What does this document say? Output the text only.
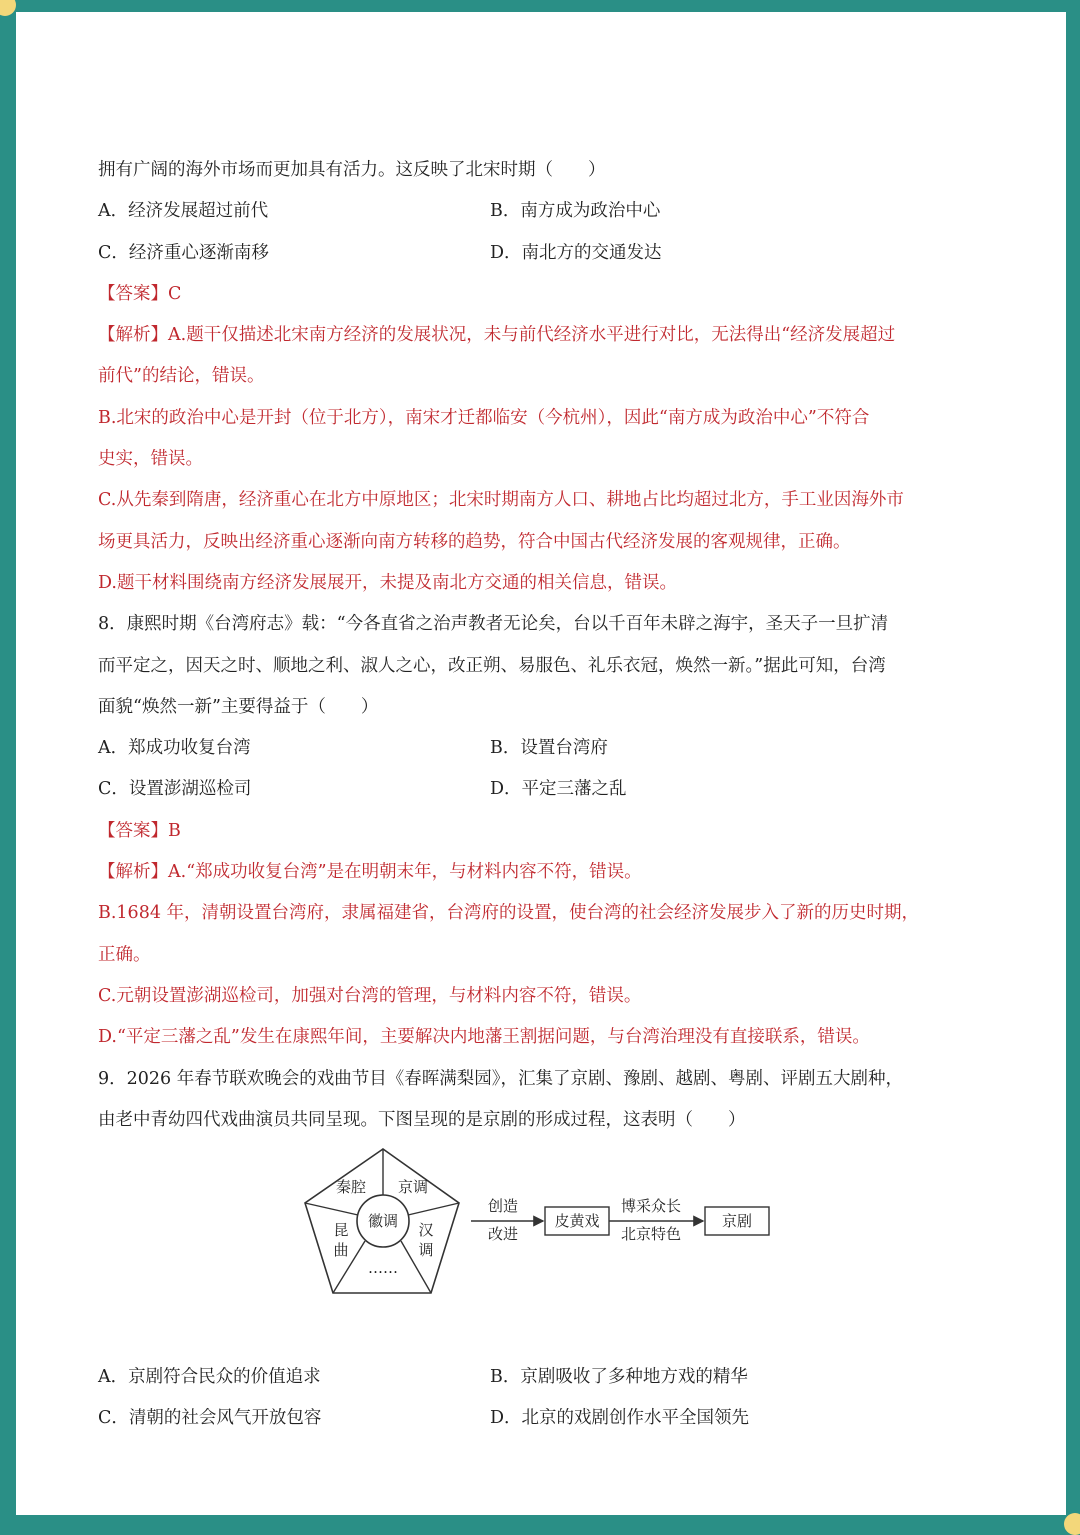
拥有广阔的海外市场而更加具有活力。这反映了北宋时期（　　）
A．经济发展超过前代	B．南方成为政治中心
C．经济重心逐渐南移	D．南北方的交通发达
【答案】C
【解析】A.题干仅描述北宋南方经济的发展状况，未与前代经济水平进行对比，无法得出“经济发展超过
前代”的结论，错误。
B.北宋的政治中心是开封（位于北方），南宋才迁都临安（今杭州），因此“南方成为政治中心”不符合
史实，错误。
C.从先秦到隋唐，经济重心在北方中原地区；北宋时期南方人口、耕地占比均超过北方，手工业因海外市
场更具活力，反映出经济重心逐渐向南方转移的趋势，符合中国古代经济发展的客观规律，正确。
D.题干材料围绕南方经济发展展开，未提及南北方交通的相关信息，错误。
8．康熙时期《台湾府志》载：“今各直省之治声教者无论矣，台以千百年未辟之海宇，圣天子一旦扩清
而平定之，因天之时、顺地之利、淑人之心，改正朔、易服色、礼乐衣冠，焕然一新。”据此可知，台湾
面貌“焕然一新”主要得益于（　　）
A．郑成功收复台湾	B．设置台湾府
C．设置澎湖巡检司	D．平定三藩之乱
【答案】B
【解析】A.“郑成功收复台湾”是在明朝末年，与材料内容不符，错误。
B.1684 年，清朝设置台湾府，隶属福建省，台湾府的设置，使台湾的社会经济发展步入了新的历史时期，
正确。
C.元朝设置澎湖巡检司，加强对台湾的管理，与材料内容不符，错误。
D.“平定三藩之乱”发生在康熙年间，主要解决内地藩王割据问题，与台湾治理没有直接联系，错误。
9．2026 年春节联欢晚会的戏曲节目《春晖满梨园》，汇集了京剧、豫剧、越剧、粤剧、评剧五大剧种，
由老中青幼四代戏曲演员共同呈现。下图呈现的是京剧的形成过程，这表明（　　）
徽调
秦腔 京调
昆
曲
汉
调
……
创造
改进
皮黄戏
博采众长
北京特色
京剧
A．京剧符合民众的价值追求	B．京剧吸收了多种地方戏的精华
C．清朝的社会风气开放包容	D．北京的戏剧创作水平全国领先
